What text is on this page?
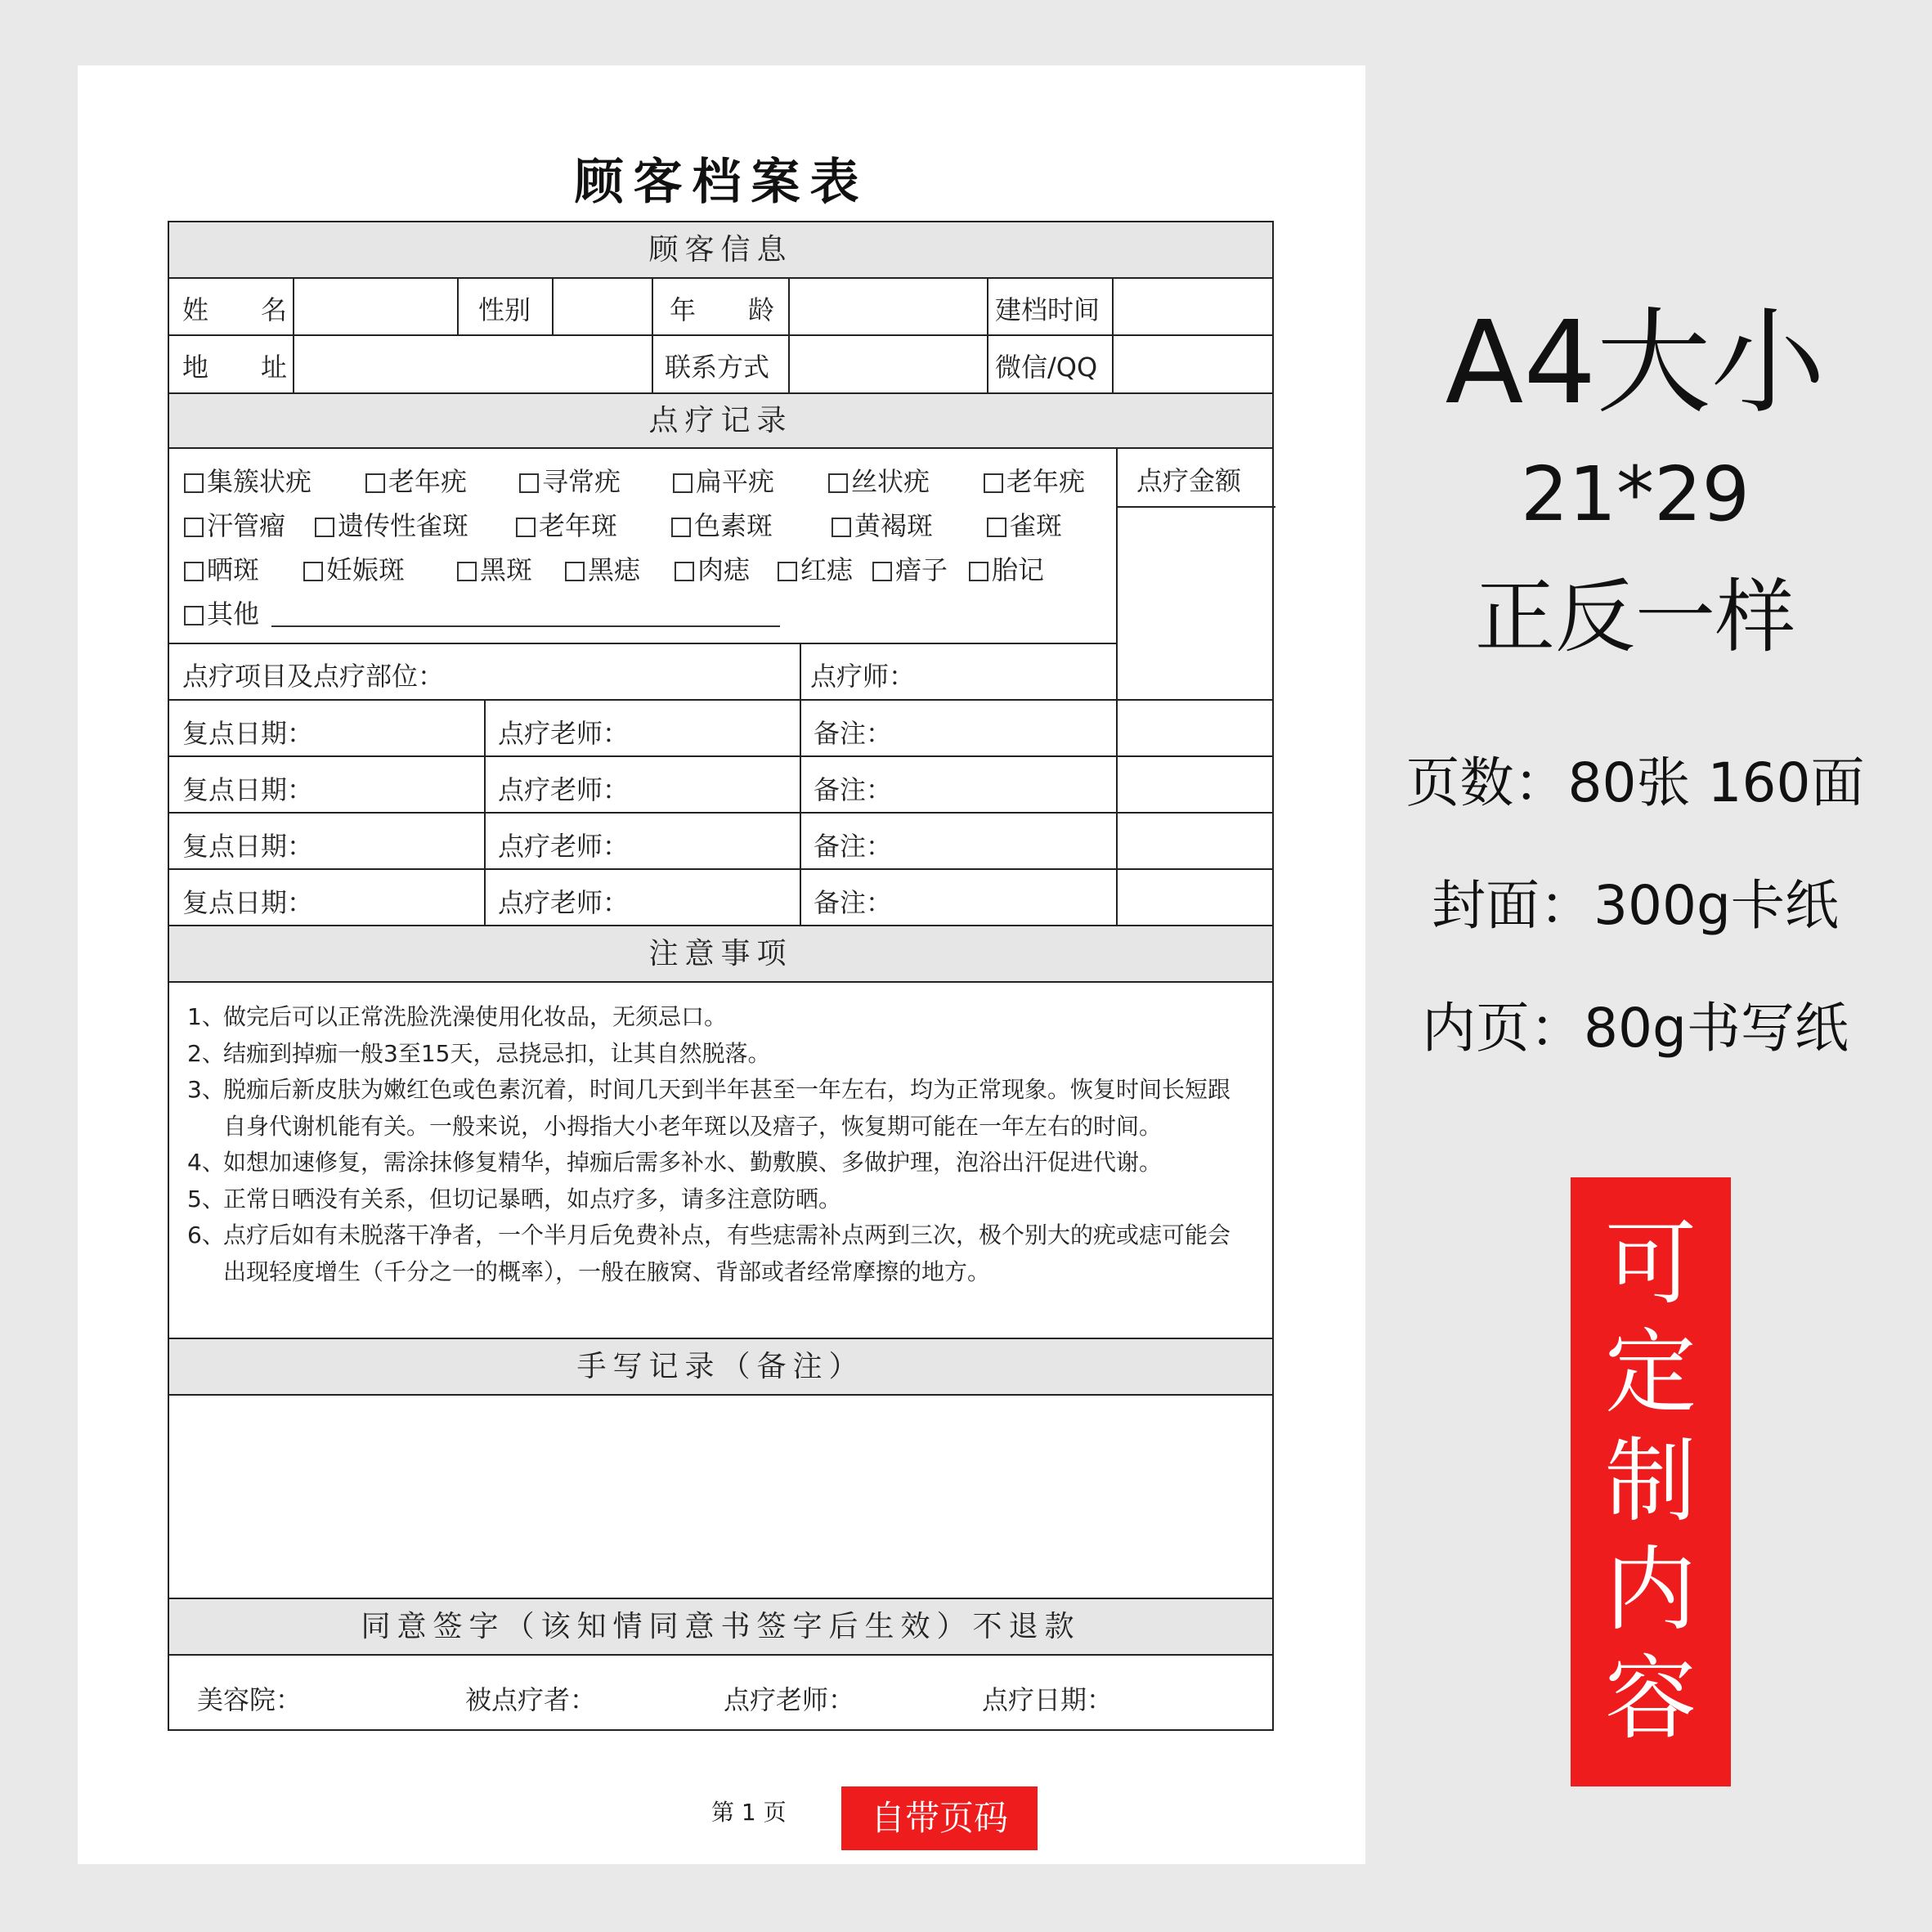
顾客档案表
顾客信息
姓　　名	性别	年　　龄	建档时间
地　　址	联系方式	微信/QQ
点疗记录
点疗金额
集簇状疣	老年疣	寻常疣	扁平疣	丝状疣	老年疣
汗管瘤	遗传性雀斑	老年斑	色素斑	黄褐斑	雀斑
晒斑	妊娠斑	黑斑	黑痣	肉痣	红痣	瘖子	胎记
其他
点疗项目及点疗部位：	点疗师：
复点日期：	点疗老师：	备注：
复点日期：	点疗老师：	备注：
复点日期：	点疗老师：	备注：
复点日期：	点疗老师：	备注：
注意事项
1、
做完后可以正常洗脸洗澡使用化妆品，无须忌口。
2、
结痂到掉痂一般3至15天，忌挠忌扣，让其自然脱落。
3、
脱痂后新皮肤为嫩红色或色素沉着，时间几天到半年甚至一年左右，均为正常现象。恢复时间长短跟自身代谢机能有关。一般来说，小拇指大小老年斑以及瘖子，恢复期可能在一年左右的时间。
4、
如想加速修复，需涂抹修复精华，掉痂后需多补水、勤敷膜、多做护理，泡浴出汗促进代谢。
5、
正常日晒没有关系，但切记暴晒，如点疗多，请多注意防晒。
6、
点疗后如有未脱落干净者，一个半月后免费补点，有些痣需补点两到三次，极个别大的疣或痣可能会出现轻度增生（千分之一的概率），一般在腋窝、背部或者经常摩擦的地方。
手写记录（备注）
同意签字（该知情同意书签字后生效）不退款
美容院：	被点疗者：	点疗老师：	点疗日期：
第 1 页	自带页码
A4大小
21*29
正反一样
页数：80张 160面
封面：300g卡纸
内页：80g书写纸
可
定
制
内
容
